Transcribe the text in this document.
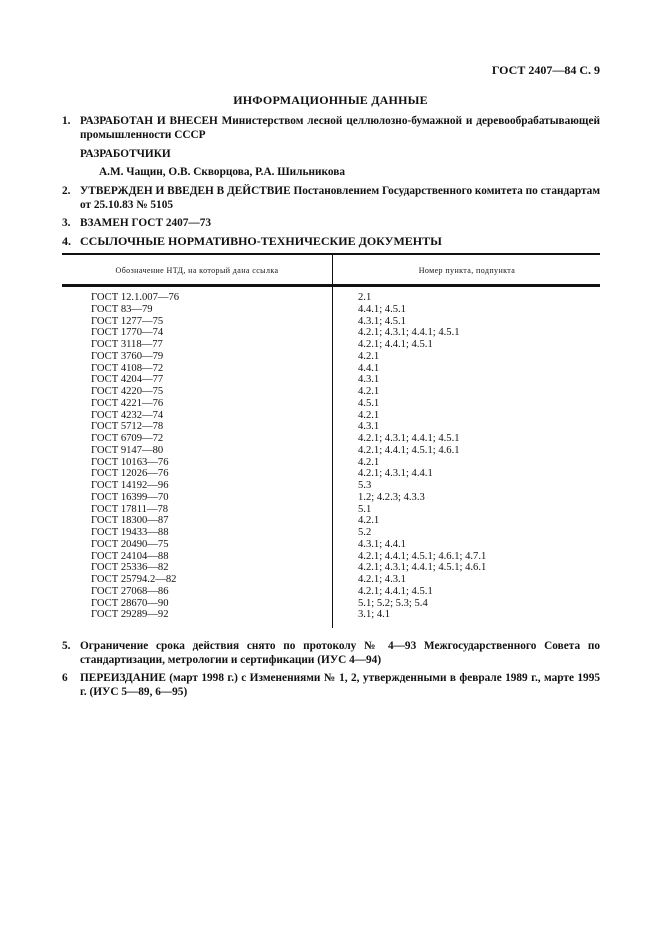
ГОСТ 2407—84 С. 9
ИНФОРМАЦИОННЫЕ ДАННЫЕ
1. РАЗРАБОТАН И ВНЕСЕН Министерством лесной целлюлозно-бумажной и деревообрабатывающей промышленности СССР
РАЗРАБОТЧИКИ
А.М. Чащин, О.В. Скворцова, Р.А. Шильникова
2. УТВЕРЖДЕН И ВВЕДЕН В ДЕЙСТВИЕ Постановлением Государственного комитета по стандартам от 25.10.83 № 5105
3. ВЗАМЕН ГОСТ 2407—73
4. ССЫЛОЧНЫЕ НОРМАТИВНО-ТЕХНИЧЕСКИЕ ДОКУМЕНТЫ
Обозначение НТД, на который дана ссылка	Номер пункта, подпункта
ГОСТ 12.1.007—76	2.1
ГОСТ 83—79	4.4.1; 4.5.1
ГОСТ 1277—75	4.3.1; 4.5.1
ГОСТ 1770—74	4.2.1; 4.3.1; 4.4.1; 4.5.1
ГОСТ 3118—77	4.2.1; 4.4.1; 4.5.1
ГОСТ 3760—79	4.2.1
ГОСТ 4108—72	4.4.1
ГОСТ 4204—77	4.3.1
ГОСТ 4220—75	4.2.1
ГОСТ 4221—76	4.5.1
ГОСТ 4232—74	4.2.1
ГОСТ 5712—78	4.3.1
ГОСТ 6709—72	4.2.1; 4.3.1; 4.4.1; 4.5.1
ГОСТ 9147—80	4.2.1; 4.4.1; 4.5.1; 4.6.1
ГОСТ 10163—76	4.2.1
ГОСТ 12026—76	4.2.1; 4.3.1; 4.4.1
ГОСТ 14192—96	5.3
ГОСТ 16399—70	1.2; 4.2.3; 4.3.3
ГОСТ 17811—78	5.1
ГОСТ 18300—87	4.2.1
ГОСТ 19433—88	5.2
ГОСТ 20490—75	4.3.1; 4.4.1
ГОСТ 24104—88	4.2.1; 4.4.1; 4.5.1; 4.6.1; 4.7.1
ГОСТ 25336—82	4.2.1; 4.3.1; 4.4.1; 4.5.1; 4.6.1
ГОСТ 25794.2—82	4.2.1; 4.3.1
ГОСТ 27068—86	4.2.1; 4.4.1; 4.5.1
ГОСТ 28670—90	5.1; 5.2; 5.3; 5.4
ГОСТ 29289—92	3.1; 4.1
5. Ограничение срока действия снято по протоколу № 4—93 Межгосударственного Совета по стандартизации, метрологии и сертификации (ИУС 4—94)
6 ПЕРЕИЗДАНИЕ (март 1998 г.) с Изменениями № 1, 2, утвержденными в феврале 1989 г., марте 1995 г. (ИУС 5—89, 6—95)
